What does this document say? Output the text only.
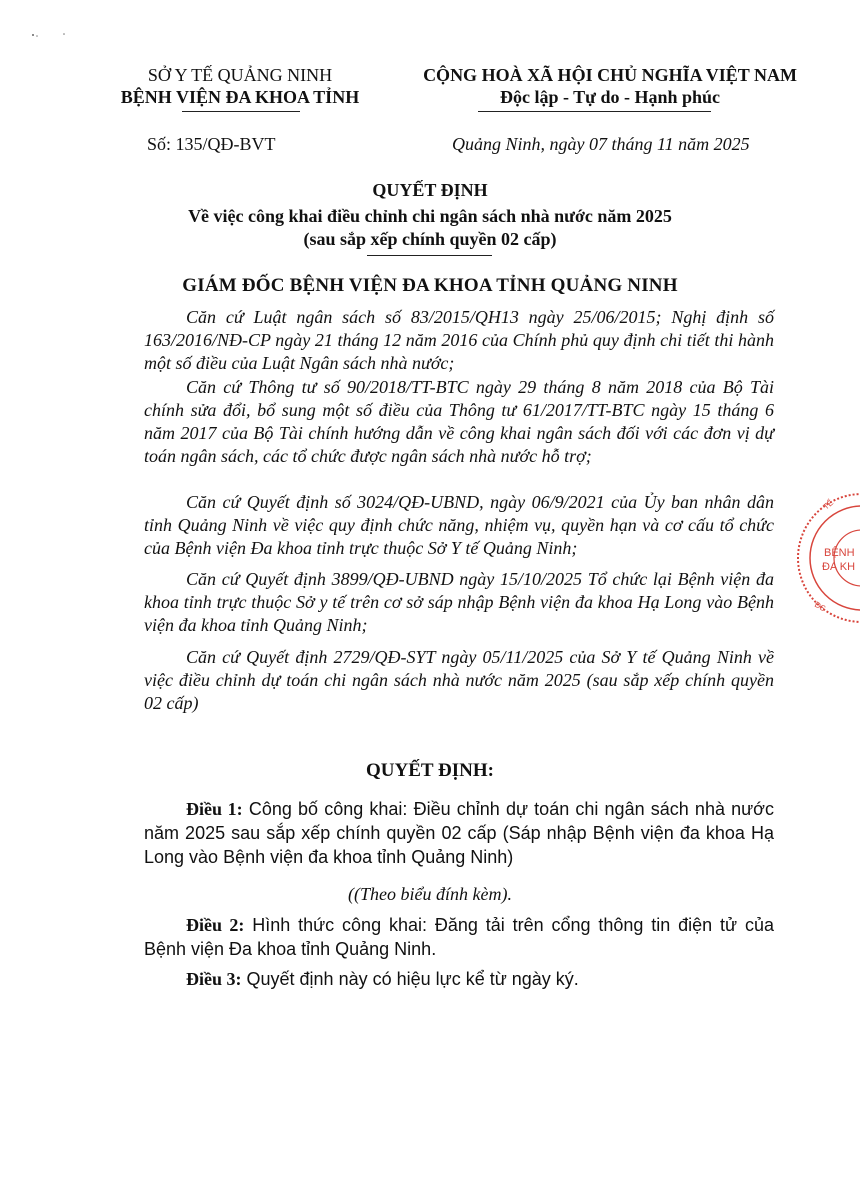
SỞ Y TẾ QUẢNG NINH
BỆNH VIỆN ĐA KHOA TỈNH
CỘNG HOÀ XÃ HỘI CHỦ NGHĨA VIỆT NAM
Độc lập - Tự do - Hạnh phúc
Số: 135/QĐ-BVT	Quảng Ninh, ngày 07 tháng 11 năm 2025
QUYẾT ĐỊNH
Về việc công khai điều chỉnh chi ngân sách nhà nước năm 2025
(sau sắp xếp chính quyền 02 cấp)
GIÁM ĐỐC BỆNH VIỆN ĐA KHOA TỈNH QUẢNG NINH
Căn cứ Luật ngân sách số 83/2015/QH13 ngày 25/06/2015; Nghị định số 163/2016/NĐ-CP ngày 21 tháng 12 năm 2016 của Chính phủ quy định chi tiết thi hành một số điều của Luật Ngân sách nhà nước;
Căn cứ Thông tư số 90/2018/TT-BTC ngày 29 tháng 8 năm 2018 của Bộ Tài chính sửa đổi, bổ sung một số điều của Thông tư 61/2017/TT-BTC ngày 15 tháng 6 năm 2017 của Bộ Tài chính hướng dẫn về công khai ngân sách đối với các đơn vị dự toán ngân sách, các tổ chức được ngân sách nhà nước hỗ trợ;
Căn cứ Quyết định số 3024/QĐ-UBND, ngày 06/9/2021 của Ủy ban nhân dân tỉnh Quảng Ninh về việc quy định chức năng, nhiệm vụ, quyền hạn và cơ cấu tổ chức của Bệnh viện Đa khoa tỉnh trực thuộc Sở Y tế Quảng Ninh;
Căn cứ Quyết định 3899/QĐ-UBND ngày 15/10/2025 Tổ chức lại Bệnh viện đa khoa tỉnh trực thuộc Sở y tế trên cơ sở sáp nhập Bệnh viện đa khoa Hạ Long vào Bệnh viện đa khoa tỉnh Quảng Ninh;
Căn cứ Quyết định 2729/QĐ-SYT ngày 05/11/2025 của Sở Y tế Quảng Ninh về việc điều chỉnh dự toán chi ngân sách nhà nước năm 2025 (sau sắp xếp chính quyền 02 cấp)
QUYẾT ĐỊNH:
Điều 1: Công bố công khai: Điều chỉnh dự toán chi ngân sách nhà nước năm 2025 sau sắp xếp chính quyền 02 cấp (Sáp nhập Bệnh viện đa khoa Hạ Long vào Bệnh viện đa khoa tỉnh Quảng Ninh)
((Theo biểu đính kèm).
Điều 2: Hình thức công khai: Đăng tải trên cổng thông tin điện tử của Bệnh viện Đa khoa tỉnh Quảng Ninh.
Điều 3: Quyết định này có hiệu lực kể từ ngày ký.
BỆNH
ĐA KH
ĐS
TẾ
